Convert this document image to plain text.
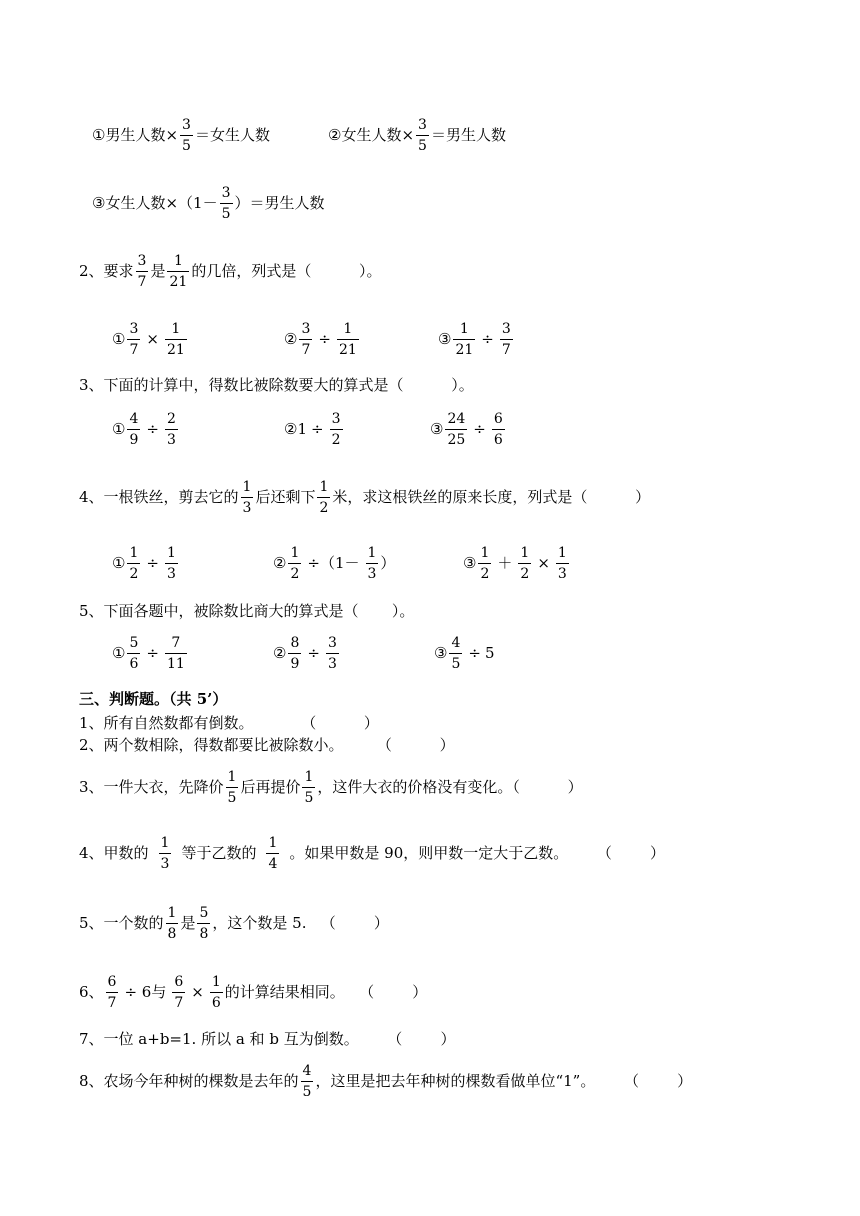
① 男生人数× $\frac{3}{5}$ ＝女生人数	② 女生人数× $\frac{3}{5}$ ＝男生人数
③ 女生人数$\times(1- \frac{3}{5}$ ）＝男生人数
2、要求 $\frac{3}{7}$ 是 $\frac{1}{21}$ 的几倍，列式是（          ）。
① $\frac{3}{7} \times \frac{1}{21}$	② $\frac{3}{7} \div \frac{1}{21}$	③ $\frac{1}{21} \div \frac{3}{7}$
3、下面的计算中，得数比被除数要大的算式是（          ）。
① $\frac{4}{9} \div \frac{2}{3}$	② $1 \div \frac{3}{2}$	③ $\frac{24}{25} \div \frac{6}{6}$
4、一根铁丝，剪去它的 $\frac{1}{3}$ 后还剩下 $\frac{1}{2}$ 米，求这根铁丝的原来长度，列式是（          ）
① $\frac{1}{2} \div \frac{1}{3}$	② $\frac{1}{2} \div(1- \frac{1}{3}$ ）	③ $\frac{1}{2} + \frac{1}{2} \times \frac{1}{3}$
5、下面各题中，被除数比商大的算式是（       ）。
① $\frac{5}{6} \div \frac{7}{11}$	② $\frac{8}{9} \div \frac{3}{3}$	③ $\frac{4}{5} \div 5$
三、判断题。（共 5’）
1、所有自然数都有倒数。          （          ）
2、两个数相除，得数都要比被除数小。       （          ）
3、一件大衣，先降价 $\frac{1}{5}$ 后再提价 $\frac{1}{5}$ ，这件大衣的价格没有变化。（          ）
4、甲数的 $\frac{1}{3}$ 等于乙数的 $\frac{1}{4}$ 。如果甲数是 90，则甲数一定大于乙数。      （        ）
5、一个数的 $\frac{1}{8}$ 是 $\frac{5}{8}$ ，这个数是 5.   （        ）
6、 $\frac{6}{7} \div 6$与 $\frac{6}{7} \times \frac{1}{6}$ 的计算结果相同。   （        ）
7、一位 a+b=1. 所以 a 和 b 互为倒数。      （        ）
8、农场今年种树的棵数是去年的 $\frac{4}{5}$ ，这里是把去年种树的棵数看做单位“1”。      （        ）
